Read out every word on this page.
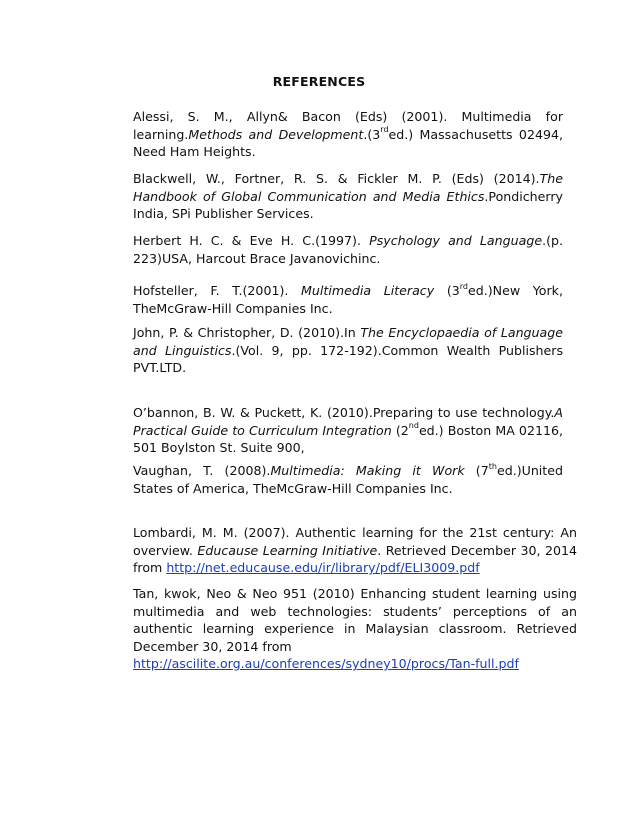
REFERENCES

Alessi, S. M., Allyn& Bacon (Eds) (2001). Multimedia for learning.Methods and Development.(3rded.) Massachusetts 02494, Need Ham Heights.

Blackwell, W., Fortner, R. S. & Fickler M. P. (Eds) (2014).The Handbook of Global Communication and Media Ethics.Pondicherry India, SPi Publisher Services.

Herbert H. C. & Eve H. C.(1997). Psychology and Language.(p. 223)USA, Harcout Brace Javanovichinc.

Hofsteller, F. T.(2001). Multimedia Literacy (3rded.)New York, TheMcGraw-Hill Companies Inc.

John, P. & Christopher, D. (2010).In The Encyclopaedia of Language and Linguistics.(Vol. 9, pp. 172-192).Common Wealth Publishers PVT.LTD.

O’bannon, B. W. & Puckett, K. (2010).Preparing to use technology.A Practical Guide to Curriculum Integration (2nded.) Boston MA 02116, 501 Boylston St. Suite 900,

Vaughan, T. (2008).Multimedia: Making it Work (7thed.)United States of America, TheMcGraw-Hill Companies Inc.

Lombardi, M. M. (2007). Authentic learning for the 21st century: An overview. Educause Learning Initiative. Retrieved December 30, 2014 from http://net.educause.edu/ir/library/pdf/ELI3009.pdf

Tan, kwok, Neo & Neo 951 (2010) Enhancing student learning using multimedia and web technologies: students’ perceptions of an authentic learning experience in Malaysian classroom. Retrieved December 30, 2014 from
http://ascilite.org.au/conferences/sydney10/procs/Tan-full.pdf
